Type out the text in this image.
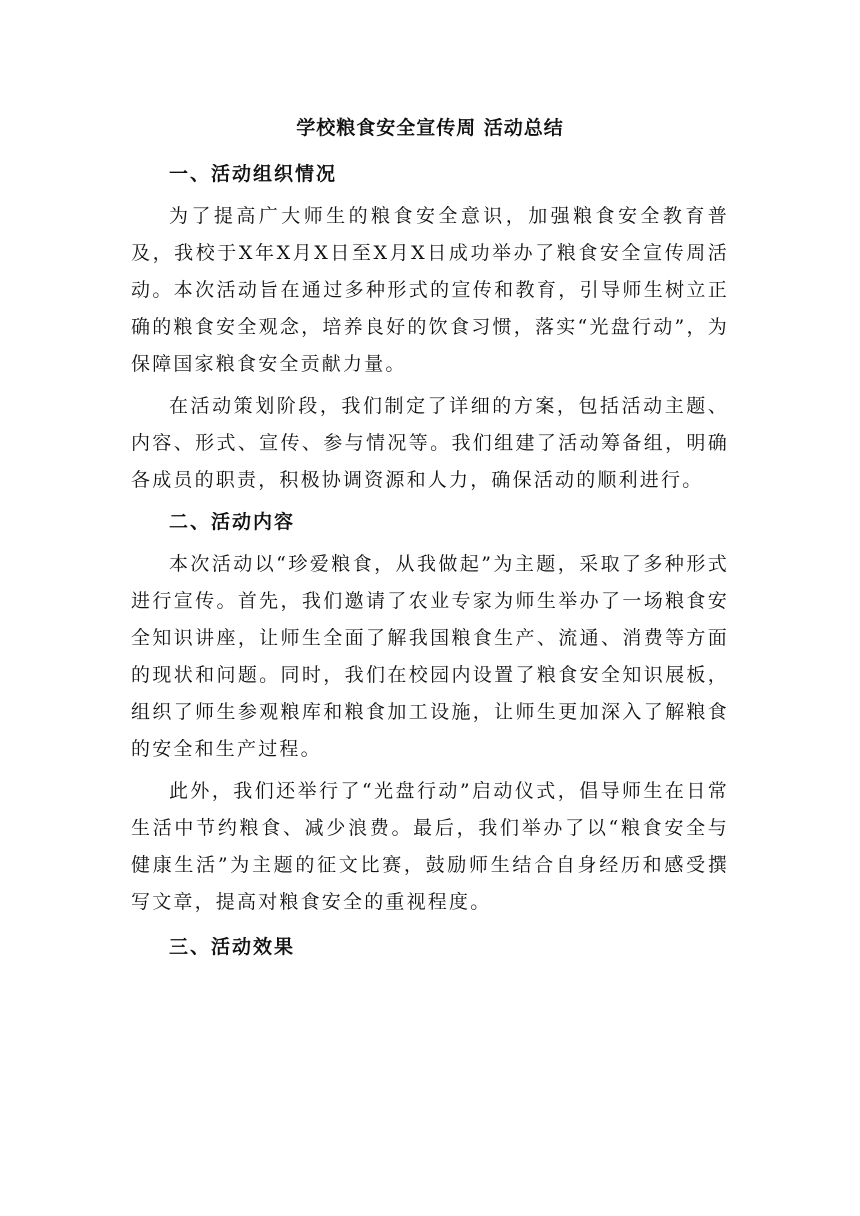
学校粮食安全宣传周 活动总结

一、活动组织情况

为了提高广大师生的粮食安全意识，加强粮食安全教育普及，我校于X年X月X日至X月X日成功举办了粮食安全宣传周活动。本次活动旨在通过多种形式的宣传和教育，引导师生树立正确的粮食安全观念，培养良好的饮食习惯，落实“光盘行动”，为保障国家粮食安全贡献力量。

在活动策划阶段，我们制定了详细的方案，包括活动主题、内容、形式、宣传、参与情况等。我们组建了活动筹备组，明确各成员的职责，积极协调资源和人力，确保活动的顺利进行。

二、活动内容

本次活动以“珍爱粮食，从我做起”为主题，采取了多种形式进行宣传。首先，我们邀请了农业专家为师生举办了一场粮食安全知识讲座，让师生全面了解我国粮食生产、流通、消费等方面的现状和问题。同时，我们在校园内设置了粮食安全知识展板，组织了师生参观粮库和粮食加工设施，让师生更加深入了解粮食的安全和生产过程。

此外，我们还举行了“光盘行动”启动仪式，倡导师生在日常生活中节约粮食、减少浪费。最后，我们举办了以“粮食安全与健康生活”为主题的征文比赛，鼓励师生结合自身经历和感受撰写文章，提高对粮食安全的重视程度。

三、活动效果
